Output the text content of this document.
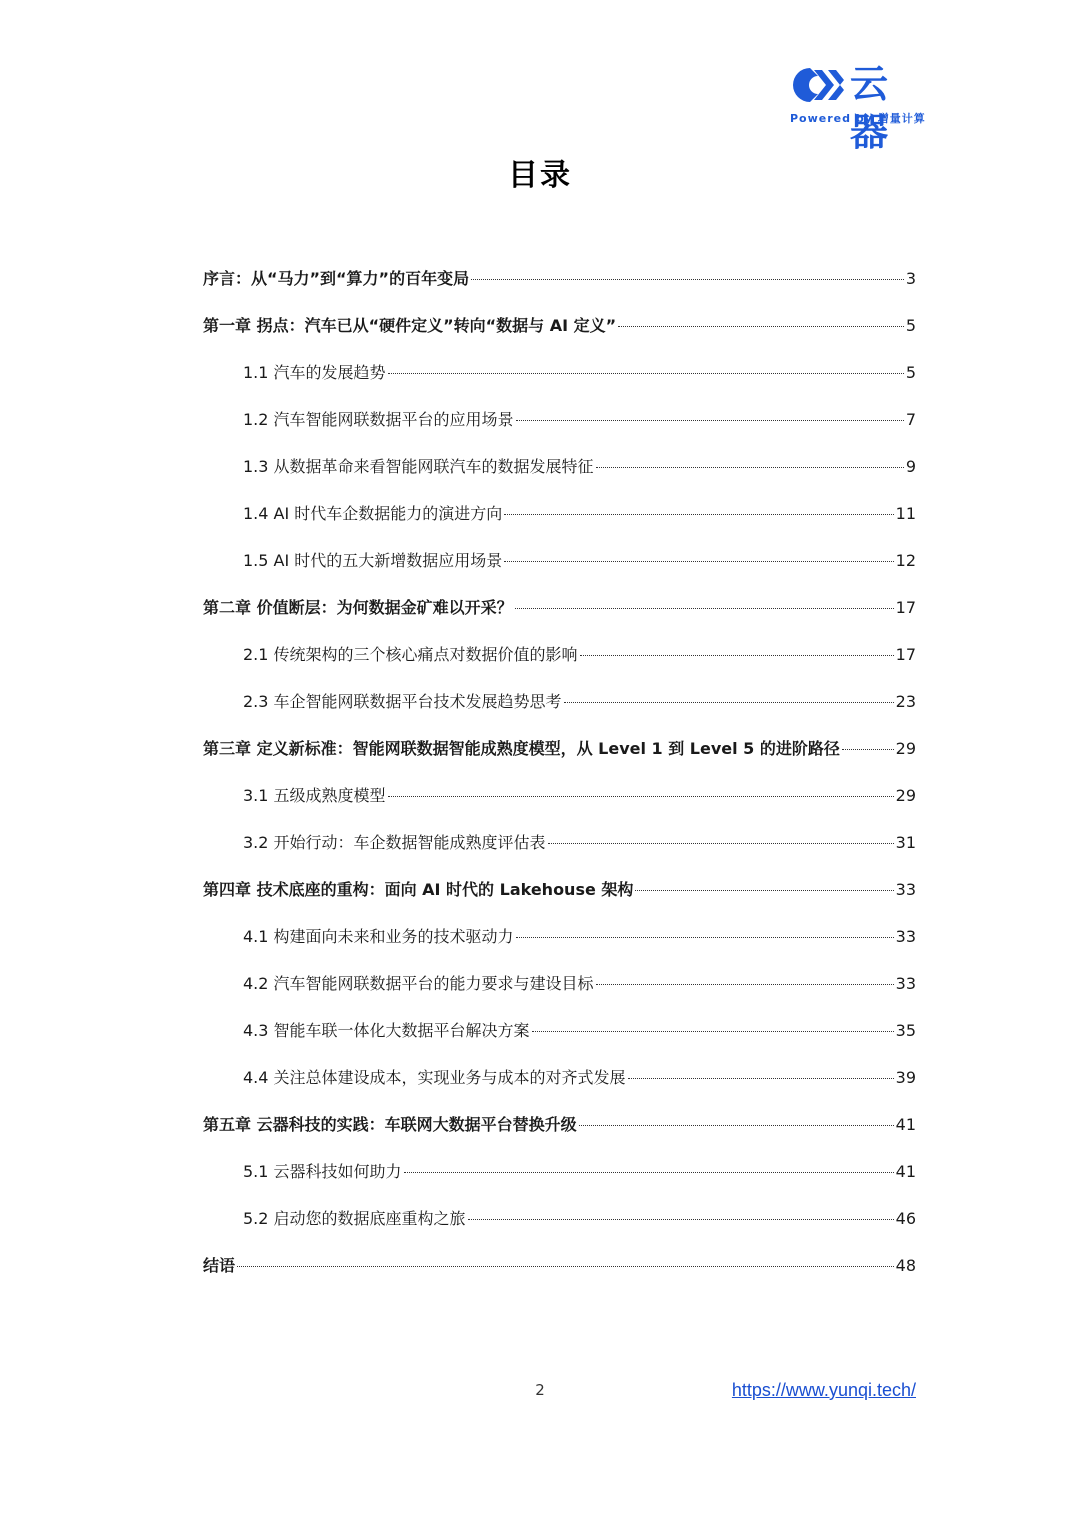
云器
Powered by 增量计算
目录
序言：从“马力”到“算力”的百年变局	3
第一章 拐点：汽车已从“硬件定义”转向“数据与 AI 定义”	5
1.1 汽车的发展趋势	5
1.2 汽车智能网联数据平台的应用场景	7
1.3 从数据革命来看智能网联汽车的数据发展特征	9
1.4 AI 时代车企数据能力的演进方向	11
1.5 AI 时代的五大新增数据应用场景	12
第二章 价值断层：为何数据金矿难以开采？	17
2.1 传统架构的三个核心痛点对数据价值的影响	17
2.3 车企智能网联数据平台技术发展趋势思考	23
第三章 定义新标准：智能网联数据智能成熟度模型，从 Level 1 到 Level 5 的进阶路径	29
3.1 五级成熟度模型	29
3.2 开始行动：车企数据智能成熟度评估表	31
第四章 技术底座的重构：面向 AI 时代的 Lakehouse 架构	33
4.1 构建面向未来和业务的技术驱动力	33
4.2 汽车智能网联数据平台的能力要求与建设目标	33
4.3 智能车联一体化大数据平台解决方案	35
4.4 关注总体建设成本，实现业务与成本的对齐式发展	39
第五章 云器科技的实践：车联网大数据平台替换升级	41
5.1 云器科技如何助力	41
5.2 启动您的数据底座重构之旅	46
结语	48
2	https://www.yunqi.tech/
